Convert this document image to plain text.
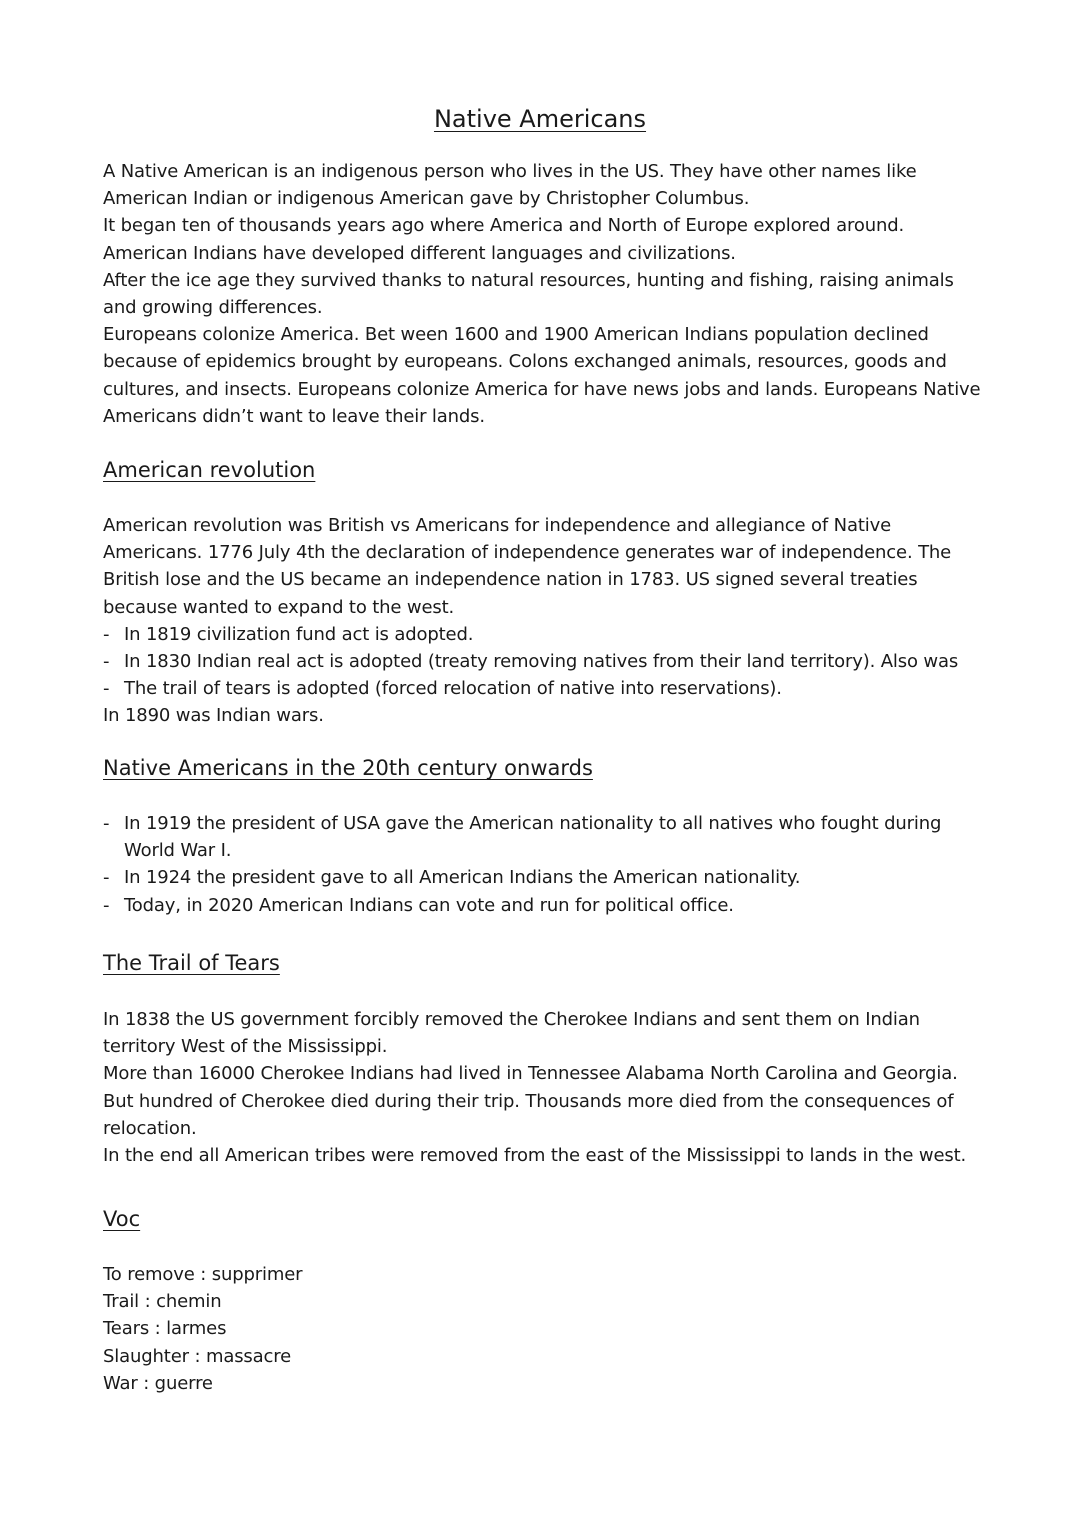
Native Americans

A Native American is an indigenous person who lives in the US. They have other names like American Indian or indigenous American gave by Christopher Columbus.

It began ten of thousands years ago where America and North of Europe explored around.

American Indians have developed different languages and civilizations.

After the ice age they survived thanks to natural resources, hunting and fishing, raising animals and growing differences.

Europeans colonize America. Bet ween 1600 and 1900 American Indians population declined because of epidemics brought by europeans. Colons exchanged animals, resources, goods and cultures, and insects. Europeans colonize America for have news jobs and lands. Europeans Native Americans didn’t want to leave their lands.

American revolution

American revolution was British vs Americans for independence and allegiance of Native Americans. 1776 July 4th the declaration of independence generates war of independence. The British lose and the US became an independence nation in 1783. US signed several treaties because wanted to expand to the west.

- In 1819 civilization fund act is adopted.
- In 1830 Indian real act is adopted (treaty removing natives from their land territory). Also was
- The trail of tears is adopted (forced relocation of native into reservations).

In 1890 was Indian wars.

Native Americans in the 20th century onwards
- In 1919 the president of USA gave the American nationality to all natives who fought during World War I.
- In 1924 the president gave to all American Indians the American nationality.
- Today, in 2020 American Indians can vote and run for political office.
The Trail of Tears

In 1838 the US government forcibly removed the Cherokee Indians and sent them on Indian territory West of the Mississippi.

More than 16000 Cherokee Indians had lived in Tennessee Alabama North Carolina and Georgia. But hundred of Cherokee died during their trip. Thousands more died from the consequences of relocation.

In the end all American tribes were removed from the east of the Mississippi to lands in the west.

Voc

To remove : supprimer

Trail : chemin

Tears : larmes

Slaughter : massacre

War : guerre
